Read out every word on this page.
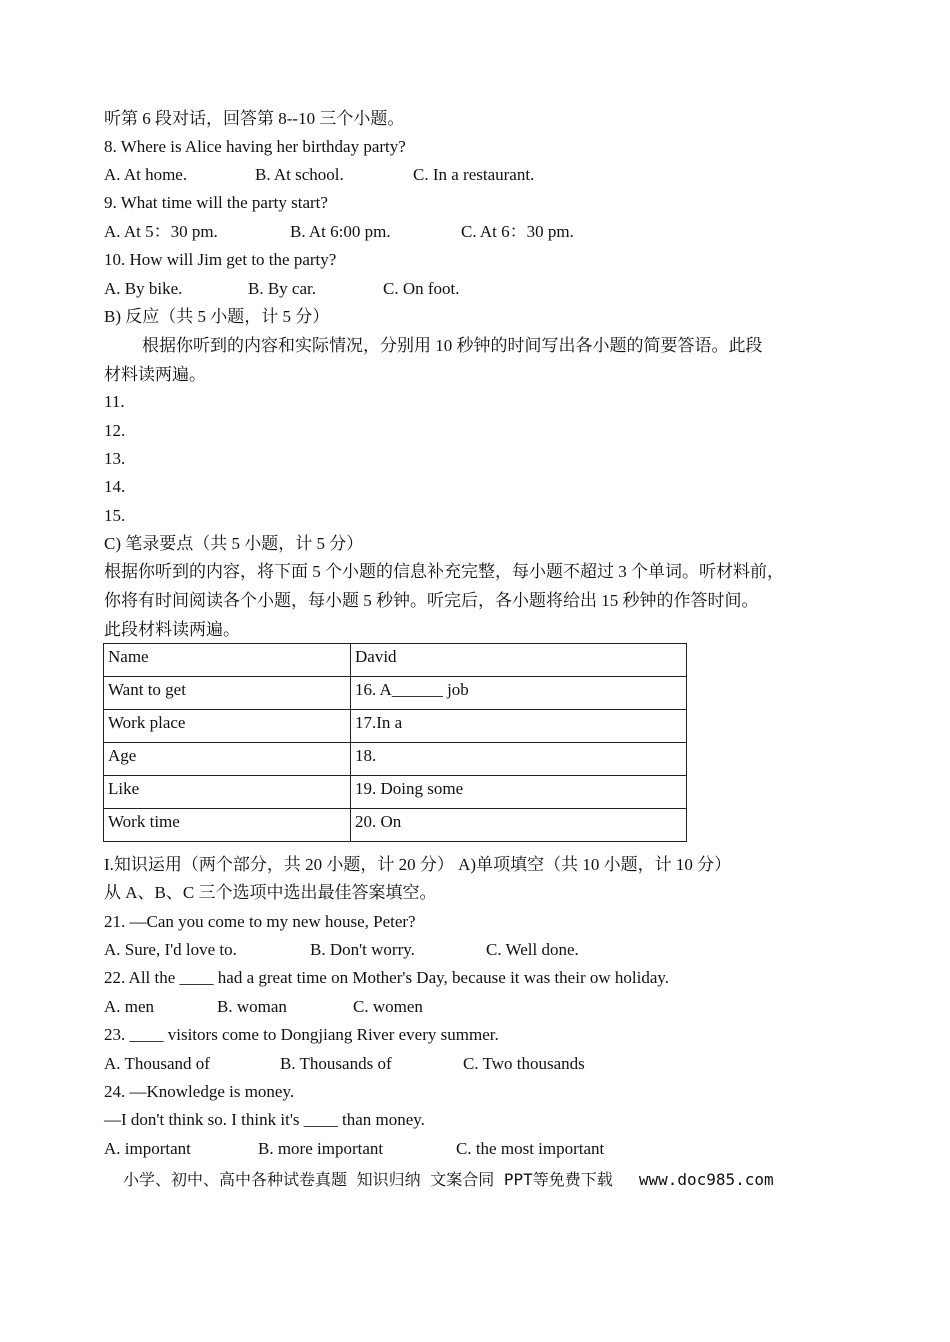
听第 6 段对话，回答第 8--10 三个小题。
8. Where is Alice having her birthday party?
A. At home.	B. At school.	C. In a restaurant.
9. What time will the party start?
A. At 5：30 pm.	B. At 6:00 pm.	C. At 6：30 pm.
10. How will Jim get to the party?
A. By bike.	B. By car.	C. On foot.
B) 反应（共 5 小题，计 5 分）
根据你听到的内容和实际情况，分别用 10 秒钟的时间写出各小题的简要答语。此段
材料读两遍。
11.
12.
13.
14.
15.
C) 笔录要点（共 5 小题，计 5 分）
根据你听到的内容，将下面 5 个小题的信息补充完整，每小题不超过 3 个单词。听材料前，
你将有时间阅读各个小题，每小题 5 秒钟。听完后，各小题将给出 15 秒钟的作答时间。
此段材料读两遍。
Name	David
Want to get	16. A______ job
Work place	17.In a
Age	18.
Like	19. Doing some
Work time	20. On
I.知识运用（两个部分，共 20 小题，计 20 分） A)单项填空（共 10 小题，计 10 分）
从 A、B、C 三个选项中选出最佳答案填空。
21. —Can you come to my new house, Peter?
A. Sure, I'd love to.	B. Don't worry.	C. Well done.
22. All the ____ had a great time on Mother's Day, because it was their ow holiday.
A. men	B. woman	C. women
23. ____ visitors come to Dongjiang River every summer.
A. Thousand of	B. Thousands of	C. Two thousands
24. —Knowledge is money.
—I don't think so. I think it's ____ than money.
A. important	B. more important	C. the most important
小学、初中、高中各种试卷真题 知识归纳 文案合同 PPT等免费下载 www.doc985.com
